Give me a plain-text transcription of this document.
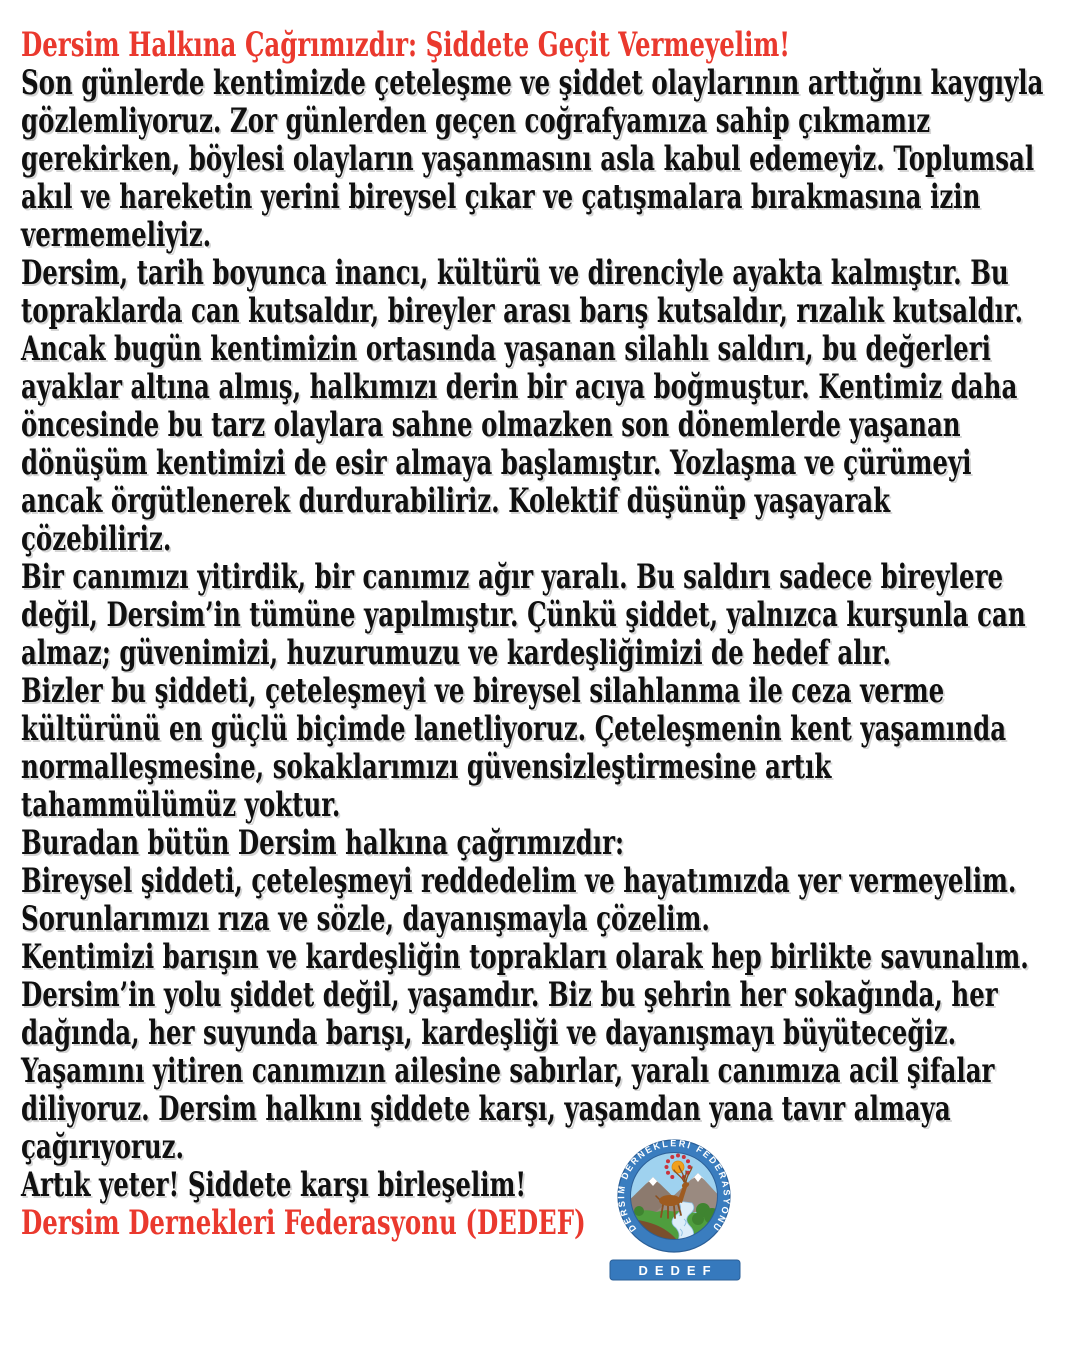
Dersim Halkına Çağrımızdır: Şiddete Geçit Vermeyelim!
Son günlerde kentimizde çeteleşme ve şiddet olaylarının arttığını kaygıyla
gözlemliyoruz. Zor günlerden geçen coğrafyamıza sahip çıkmamız
gerekirken, böylesi olayların yaşanmasını asla kabul edemeyiz. Toplumsal
akıl ve hareketin yerini bireysel çıkar ve çatışmalara bırakmasına izin
vermemeliyiz.
Dersim, tarih boyunca inancı, kültürü ve direnciyle ayakta kalmıştır. Bu
topraklarda can kutsaldır, bireyler arası barış kutsaldır, rızalık kutsaldır.
Ancak bugün kentimizin ortasında yaşanan silahlı saldırı, bu değerleri
ayaklar altına almış, halkımızı derin bir acıya boğmuştur. Kentimiz daha
öncesinde bu tarz olaylara sahne olmazken son dönemlerde yaşanan
dönüşüm kentimizi de esir almaya başlamıştır. Yozlaşma ve çürümeyi
ancak örgütlenerek durdurabiliriz. Kolektif düşünüp yaşayarak
çözebiliriz.
Bir canımızı yitirdik, bir canımız ağır yaralı. Bu saldırı sadece bireylere
değil, Dersim’in tümüne yapılmıştır. Çünkü şiddet, yalnızca kurşunla can
almaz; güvenimizi, huzurumuzu ve kardeşliğimizi de hedef alır.
Bizler bu şiddeti, çeteleşmeyi ve bireysel silahlanma ile ceza verme
kültürünü en güçlü biçimde lanetliyoruz. Çeteleşmenin kent yaşamında
normalleşmesine, sokaklarımızı güvensizleştirmesine artık
tahammülümüz yoktur.
Buradan bütün Dersim halkına çağrımızdır:
Bireysel şiddeti, çeteleşmeyi reddedelim ve hayatımızda yer vermeyelim.
Sorunlarımızı rıza ve sözle, dayanışmayla çözelim.
Kentimizi barışın ve kardeşliğin toprakları olarak hep birlikte savunalım.
Dersim’in yolu şiddet değil, yaşamdır. Biz bu şehrin her sokağında, her
dağında, her suyunda barışı, kardeşliği ve dayanışmayı büyüteceğiz.
Yaşamını yitiren canımızın ailesine sabırlar, yaralı canımıza acil şifalar
diliyoruz. Dersim halkını şiddete karşı, yaşamdan yana tavır almaya
çağırıyoruz.
Artık yeter! Şiddete karşı birleşelim!
Dersim Dernekleri Federasyonu (DEDEF)	DERSİM DERNEKLERİ FEDERASYONU
DEDEF
